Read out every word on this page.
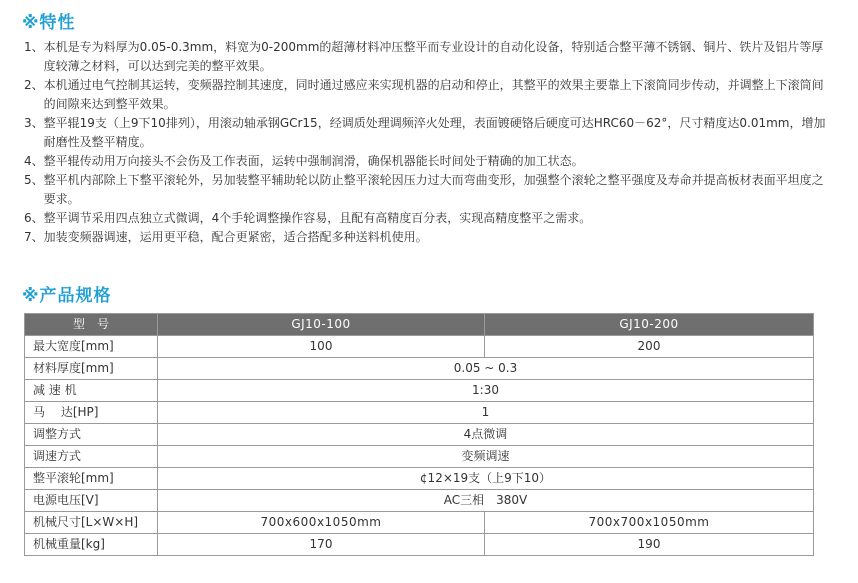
※特性
1、 本机是专为料厚为0.05-0.3mm，料宽为0-200mm的超薄材料冲压整平而专业设计的自动化设备，特别适合整平薄不锈钢、铜片、铁片及铝片等厚度较薄之材料，可以达到完美的整平效果。
2、 本机通过电气控制其运转，变频器控制其速度，同时通过感应来实现机器的启动和停止，其整平的效果主要靠上下滚筒同步传动，并调整上下滚筒间的间隙来达到整平效果。
3、 整平辊19支（上9下10排列），用滚动轴承钢GCr15，经调质处理调频淬火处理，表面镀硬铬后硬度可达HRC60－62°，尺寸精度达0.01mm，增加耐磨性及整平精度。
4、 整平辊传动用万向接头不会伤及工作表面，运转中强制润滑，确保机器能长时间处于精确的加工状态。
5、 整平机内部除上下整平滚轮外，另加装整平辅助轮以防止整平滚轮因压力过大而弯曲变形，加强整个滚轮之整平强度及寿命并提高板材表面平坦度之要求。
6、 整平调节采用四点独立式微调，4个手轮调整操作容易，且配有高精度百分表，实现高精度整平之需求。
7、 加装变频器调速，运用更平稳，配合更紧密，适合搭配多种送料机使用。
※产品规格
型　号	GJ10-100	GJ10-200
最大宽度[mm]	100	200
材料厚度[mm]	0.05 ~ 0.3	
减 速 机	1:30	
马　 达[HP]	1	
调整方式	4点微调	
调速方式	变频调速	
整平滚轮[mm]	¢12×19支（上9下10）	
电源电压[V]	AC三相　380V	
机械尺寸[L×W×H]	700x600x1050mm	700x700x1050mm
机械重量[kg]	170	190
